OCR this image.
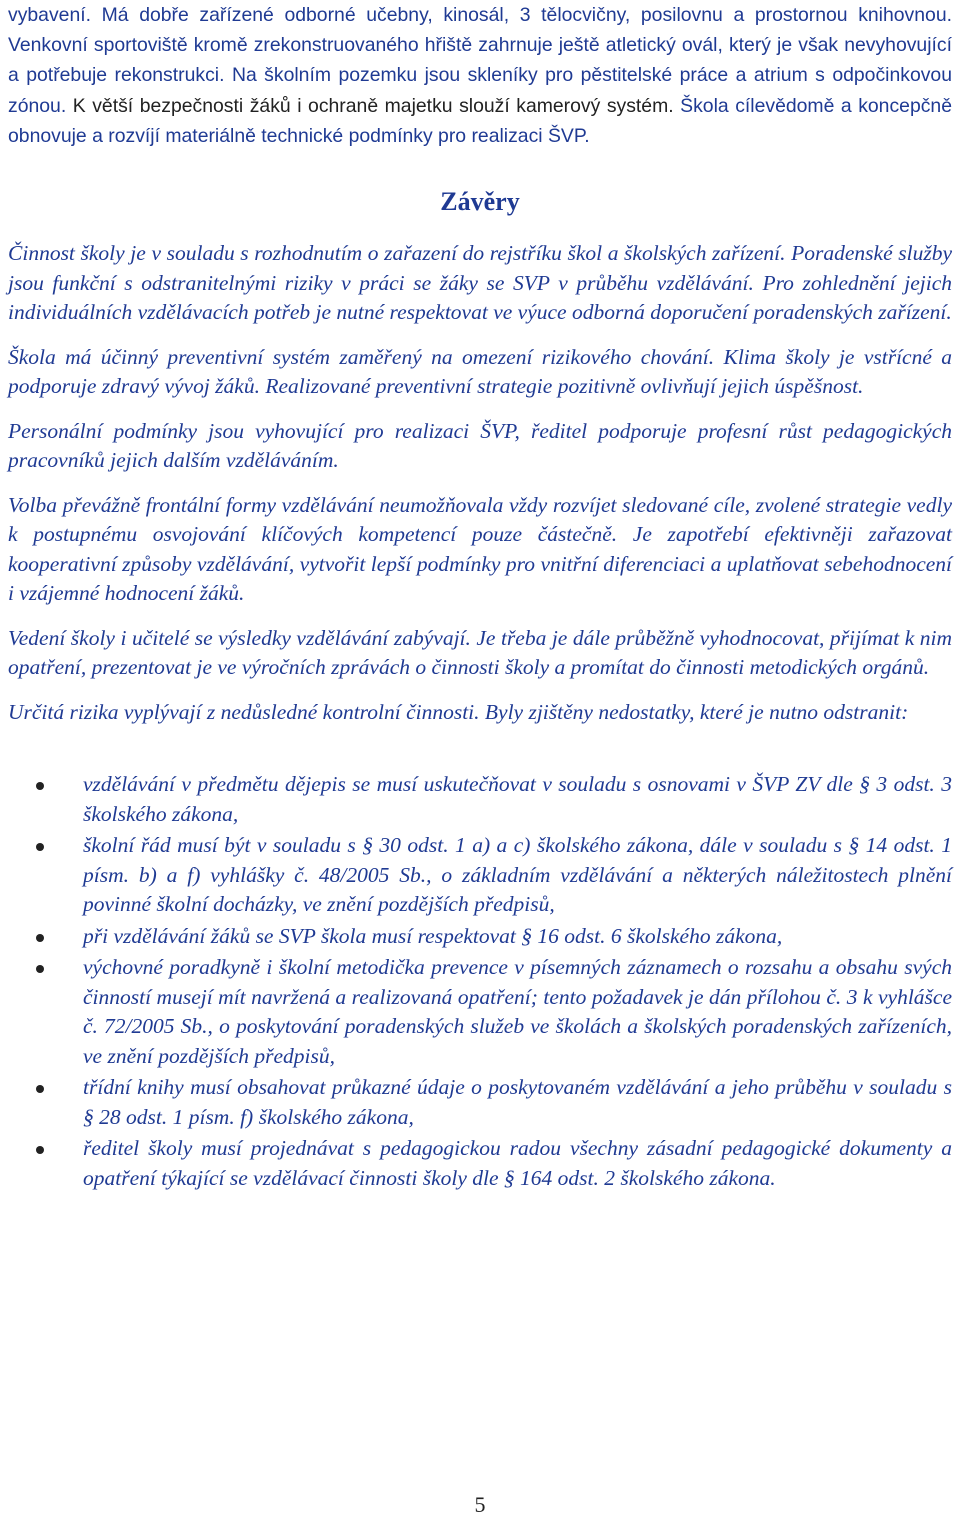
vybavení. Má dobře zařízené odborné učebny, kinosál, 3 tělocvičny, posilovnu a prostornou knihovnou. Venkovní sportoviště kromě zrekonstruovaného hřiště zahrnuje ještě atletický ovál, který je však nevyhovující a potřebuje rekonstrukci. Na školním pozemku jsou skleníky pro pěstitelské práce a atrium s odpočinkovou zónou. K větší bezpečnosti žáků i ochraně majetku slouží kamerový systém. Škola cílevědomě a koncepčně obnovuje a rozvíjí materiálně technické podmínky pro realizaci ŠVP.

Závěry

Činnost školy je v souladu s rozhodnutím o zařazení do rejstříku škol a školských zařízení. Poradenské služby jsou funkční s odstranitelnými riziky v práci se žáky se SVP v průběhu vzdělávání. Pro zohlednění jejich individuálních vzdělávacích potřeb je nutné respektovat ve výuce odborná doporučení poradenských zařízení.

Škola má účinný preventivní systém zaměřený na omezení rizikového chování. Klima školy je vstřícné a podporuje zdravý vývoj žáků. Realizované preventivní strategie pozitivně ovlivňují jejich úspěšnost.

Personální podmínky jsou vyhovující pro realizaci ŠVP, ředitel podporuje profesní růst pedagogických pracovníků jejich dalším vzděláváním.

Volba převážně frontální formy vzdělávání neumožňovala vždy rozvíjet sledované cíle, zvolené strategie vedly k postupnému osvojování klíčových kompetencí pouze částečně. Je zapotřebí efektivněji zařazovat kooperativní způsoby vzdělávání, vytvořit lepší podmínky pro vnitřní diferenciaci a uplatňovat sebehodnocení i vzájemné hodnocení žáků.

Vedení školy i učitelé se výsledky vzdělávání zabývají. Je třeba je dále průběžně vyhodnocovat, přijímat k nim opatření, prezentovat je ve výročních zprávách o činnosti školy a promítat do činnosti metodických orgánů.

Určitá rizika vyplývají z nedůsledné kontrolní činnosti. Byly zjištěny nedostatky, které je nutno odstranit:

vzdělávání v předmětu dějepis se musí uskutečňovat v souladu s osnovami v ŠVP ZV dle § 3 odst. 3 školského zákona,
školní řád musí být v souladu s § 30 odst. 1 a) a c) školského zákona, dále v souladu s § 14 odst. 1 písm. b) a f) vyhlášky č. 48/2005 Sb., o základním vzdělávání a některých náležitostech plnění povinné školní docházky, ve znění pozdějších předpisů,
při vzdělávání žáků se SVP škola musí respektovat § 16 odst. 6 školského zákona,
výchovné poradkyně i školní metodička prevence v písemných záznamech o rozsahu a obsahu svých činností musejí mít navržená a realizovaná opatření; tento požadavek je dán přílohou č. 3 k vyhlášce č. 72/2005 Sb., o poskytování poradenských služeb ve školách a školských poradenských zařízeních, ve znění pozdějších předpisů,
třídní knihy musí obsahovat průkazné údaje o poskytovaném vzdělávání a jeho průběhu v souladu s § 28 odst. 1 písm. f) školského zákona,
ředitel školy musí projednávat s pedagogickou radou všechny zásadní pedagogické dokumenty a opatření týkající se vzdělávací činnosti školy dle § 164 odst. 2 školského zákona.
5
